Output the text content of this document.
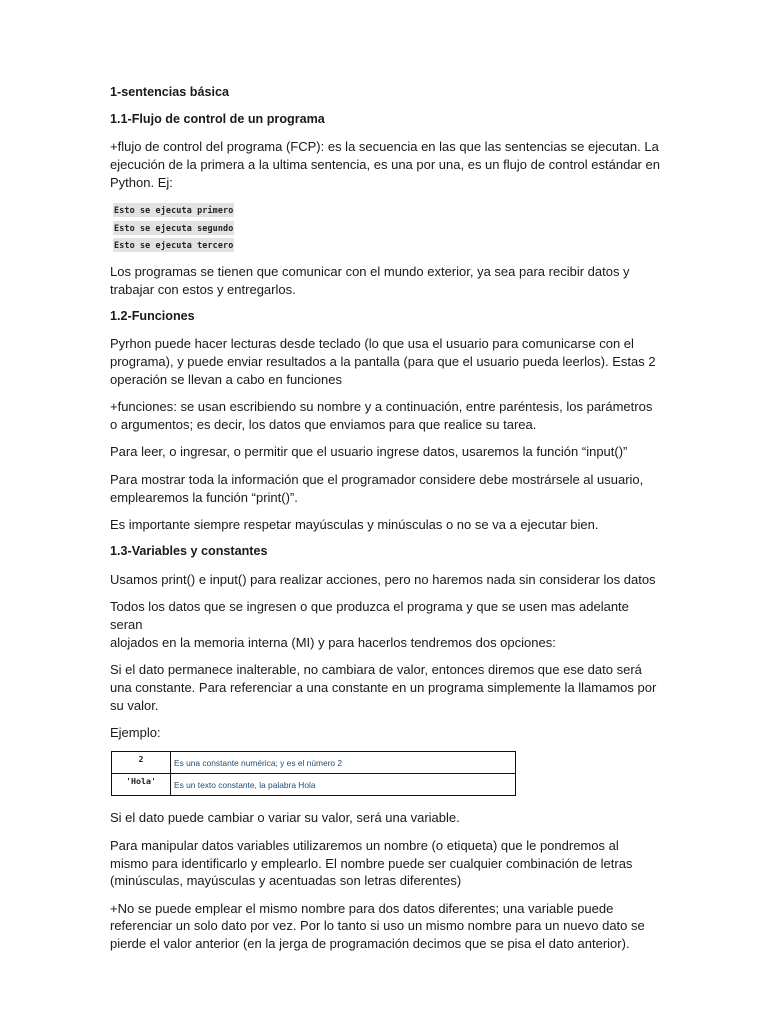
1-sentencias básica
1.1-Flujo de control de un programa
+flujo de control del programa (FCP): es la secuencia en las que las sentencias se ejecutan. La
ejecución de la primera a la ultima sentencia, es una por una, es un flujo de control estándar en
Python. Ej:
Esto se ejecuta primero
Esto se ejecuta segundo
Esto se ejecuta tercero
Los programas se tienen que comunicar con el mundo exterior, ya sea para recibir datos y
trabajar con estos y entregarlos.
1.2-Funciones
Pyrhon puede hacer lecturas desde teclado (lo que usa el usuario para comunicarse con el
programa), y puede enviar resultados a la pantalla (para que el usuario pueda leerlos). Estas 2
operación se llevan a cabo en funciones
+funciones: se usan escribiendo su nombre y a continuación, entre paréntesis, los parámetros
o argumentos; es decir, los datos que enviamos para que realice su tarea.
Para leer, o ingresar, o permitir que el usuario ingrese datos, usaremos la función “input()”
Para mostrar toda la información que el programador considere debe mostrársele al usuario,
emplearemos la función “print()”.
Es importante siempre respetar mayúsculas y minúsculas o no se va a ejecutar bien.
1.3-Variables y constantes
Usamos print() e input() para realizar acciones, pero no haremos nada sin considerar los datos
Todos los datos que se ingresen o que produzca el programa y que se usen mas adelante seran
alojados en la memoria interna (MI) y para hacerlos tendremos dos opciones:
Si el dato permanece inalterable, no cambiara de valor, entonces diremos que ese dato será
una constante. Para referenciar a una constante en un programa simplemente la llamamos por
su valor.
Ejemplo:
2	Es una constante numérica; y es el número 2
'Hola'	Es un texto constante, la palabra Hola
Si el dato puede cambiar o variar su valor, será una variable.
Para manipular datos variables utilizaremos un nombre (o etiqueta) que le pondremos al
mismo para identificarlo y emplearlo. El nombre puede ser cualquier combinación de letras
(minúsculas, mayúsculas y acentuadas son letras diferentes)
+No se puede emplear el mismo nombre para dos datos diferentes; una variable puede
referenciar un solo dato por vez. Por lo tanto si uso un mismo nombre para un nuevo dato se
pierde el valor anterior (en la jerga de programación decimos que se pisa el dato anterior).
